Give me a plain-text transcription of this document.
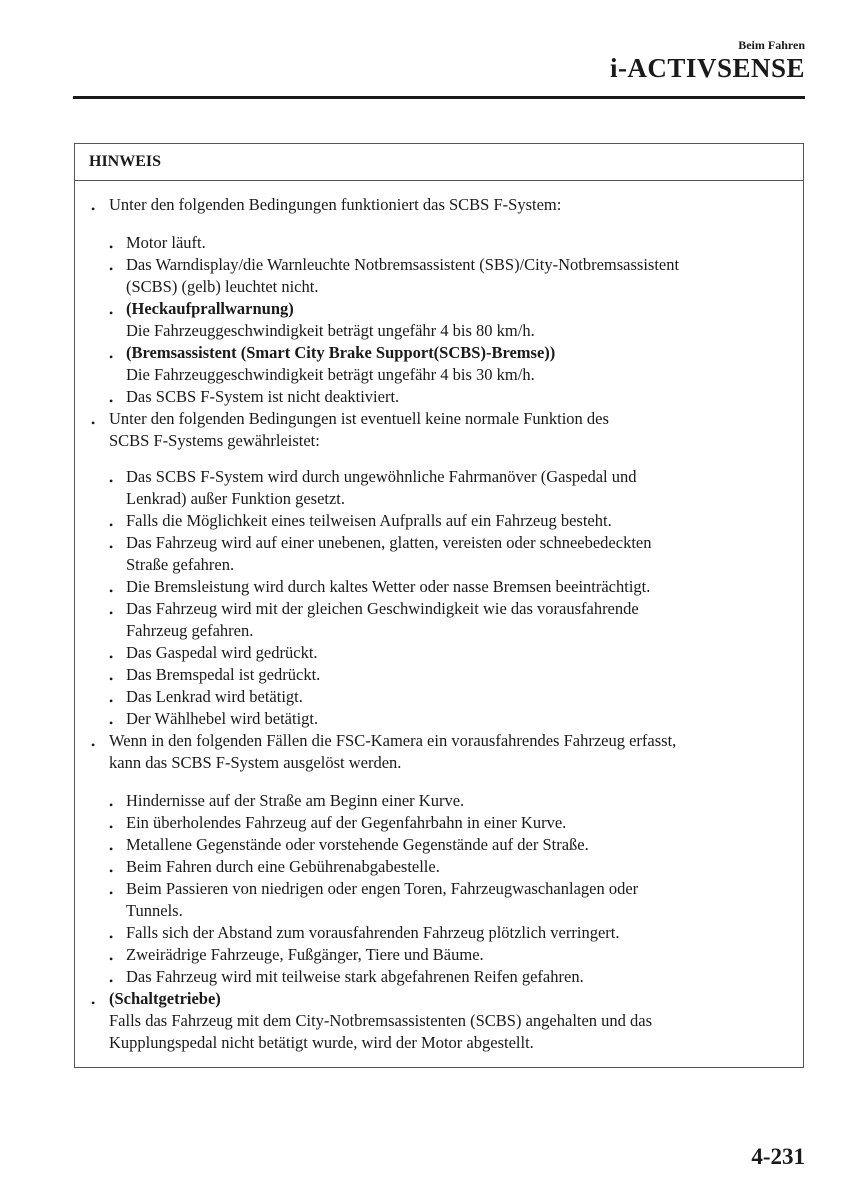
Beim Fahren
i-ACTIVSENSE
HINWEIS
• Unter den folgenden Bedingungen funktioniert das SCBS F-System:
• Motor läuft.
• Das Warndisplay/die Warnleuchte Notbremsassistent (SBS)/City-Notbremsassistent
(SCBS) (gelb) leuchtet nicht.
• (Heckaufprallwarnung)
Die Fahrzeuggeschwindigkeit beträgt ungefähr 4 bis 80 km/h.
• (Bremsassistent (Smart City Brake Support(SCBS)-Bremse))
Die Fahrzeuggeschwindigkeit beträgt ungefähr 4 bis 30 km/h.
• Das SCBS F-System ist nicht deaktiviert.
• Unter den folgenden Bedingungen ist eventuell keine normale Funktion des
SCBS F-Systems gewährleistet:
• Das SCBS F-System wird durch ungewöhnliche Fahrmanöver (Gaspedal und
Lenkrad) außer Funktion gesetzt.
• Falls die Möglichkeit eines teilweisen Aufpralls auf ein Fahrzeug besteht.
• Das Fahrzeug wird auf einer unebenen, glatten, vereisten oder schneebedeckten
Straße gefahren.
• Die Bremsleistung wird durch kaltes Wetter oder nasse Bremsen beeinträchtigt.
• Das Fahrzeug wird mit der gleichen Geschwindigkeit wie das vorausfahrende
Fahrzeug gefahren.
• Das Gaspedal wird gedrückt.
• Das Bremspedal ist gedrückt.
• Das Lenkrad wird betätigt.
• Der Wählhebel wird betätigt.
• Wenn in den folgenden Fällen die FSC-Kamera ein vorausfahrendes Fahrzeug erfasst,
kann das SCBS F-System ausgelöst werden.
• Hindernisse auf der Straße am Beginn einer Kurve.
• Ein überholendes Fahrzeug auf der Gegenfahrbahn in einer Kurve.
• Metallene Gegenstände oder vorstehende Gegenstände auf der Straße.
• Beim Fahren durch eine Gebührenabgabestelle.
• Beim Passieren von niedrigen oder engen Toren, Fahrzeugwaschanlagen oder
Tunnels.
• Falls sich der Abstand zum vorausfahrenden Fahrzeug plötzlich verringert.
• Zweirädrige Fahrzeuge, Fußgänger, Tiere und Bäume.
• Das Fahrzeug wird mit teilweise stark abgefahrenen Reifen gefahren.
• (Schaltgetriebe)
Falls das Fahrzeug mit dem City-Notbremsassistenten (SCBS) angehalten und das
Kupplungspedal nicht betätigt wurde, wird der Motor abgestellt.
4-231
